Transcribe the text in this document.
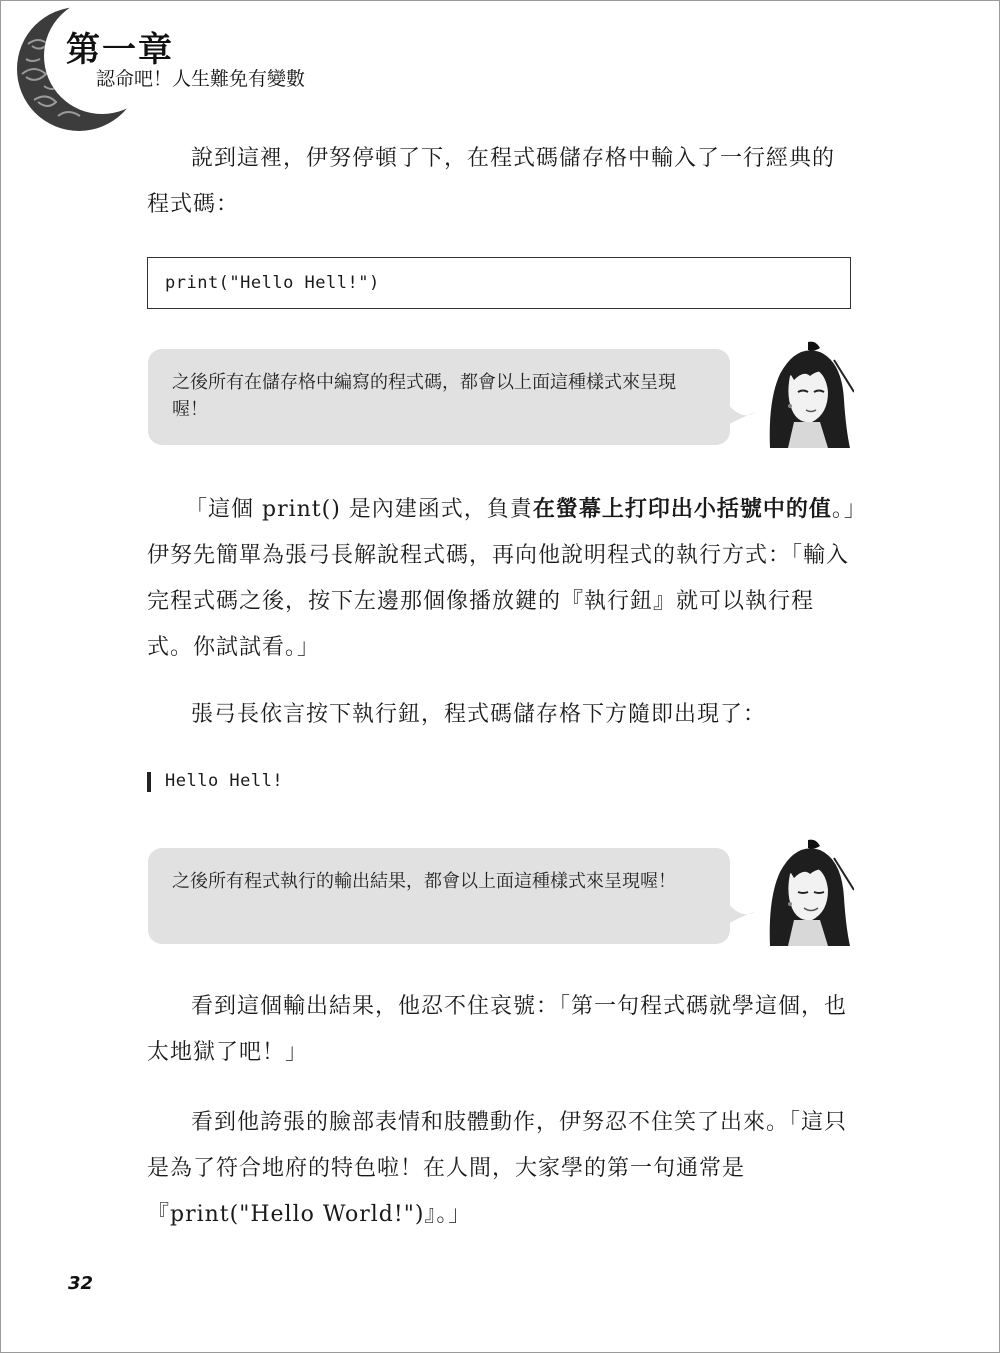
第一章
認命吧！人生難免有變數

說到這裡，伊努停頓了下，在程式碼儲存格中輸入了一行經典的程式碼：

print("Hello Hell!")
之後所有在儲存格中編寫的程式碼，都會以上面這種樣式來呈現喔！

「這個 print() 是內建函式，負責在螢幕上打印出小括號中的值。」伊努先簡單為張弓長解說程式碼，再向他說明程式的執行方式：「輸入完程式碼之後，按下左邊那個像播放鍵的『執行鈕』就可以執行程式。你試試看。」

張弓長依言按下執行鈕，程式碼儲存格下方隨即出現了：

Hello Hell!
之後所有程式執行的輸出結果，都會以上面這種樣式來呈現喔！

看到這個輸出結果，他忍不住哀號：「第一句程式碼就學這個，也太地獄了吧！」

看到他誇張的臉部表情和肢體動作，伊努忍不住笑了出來。「這只是為了符合地府的特色啦！在人間，大家學的第一句通常是『print("Hello World!")』。」

32
